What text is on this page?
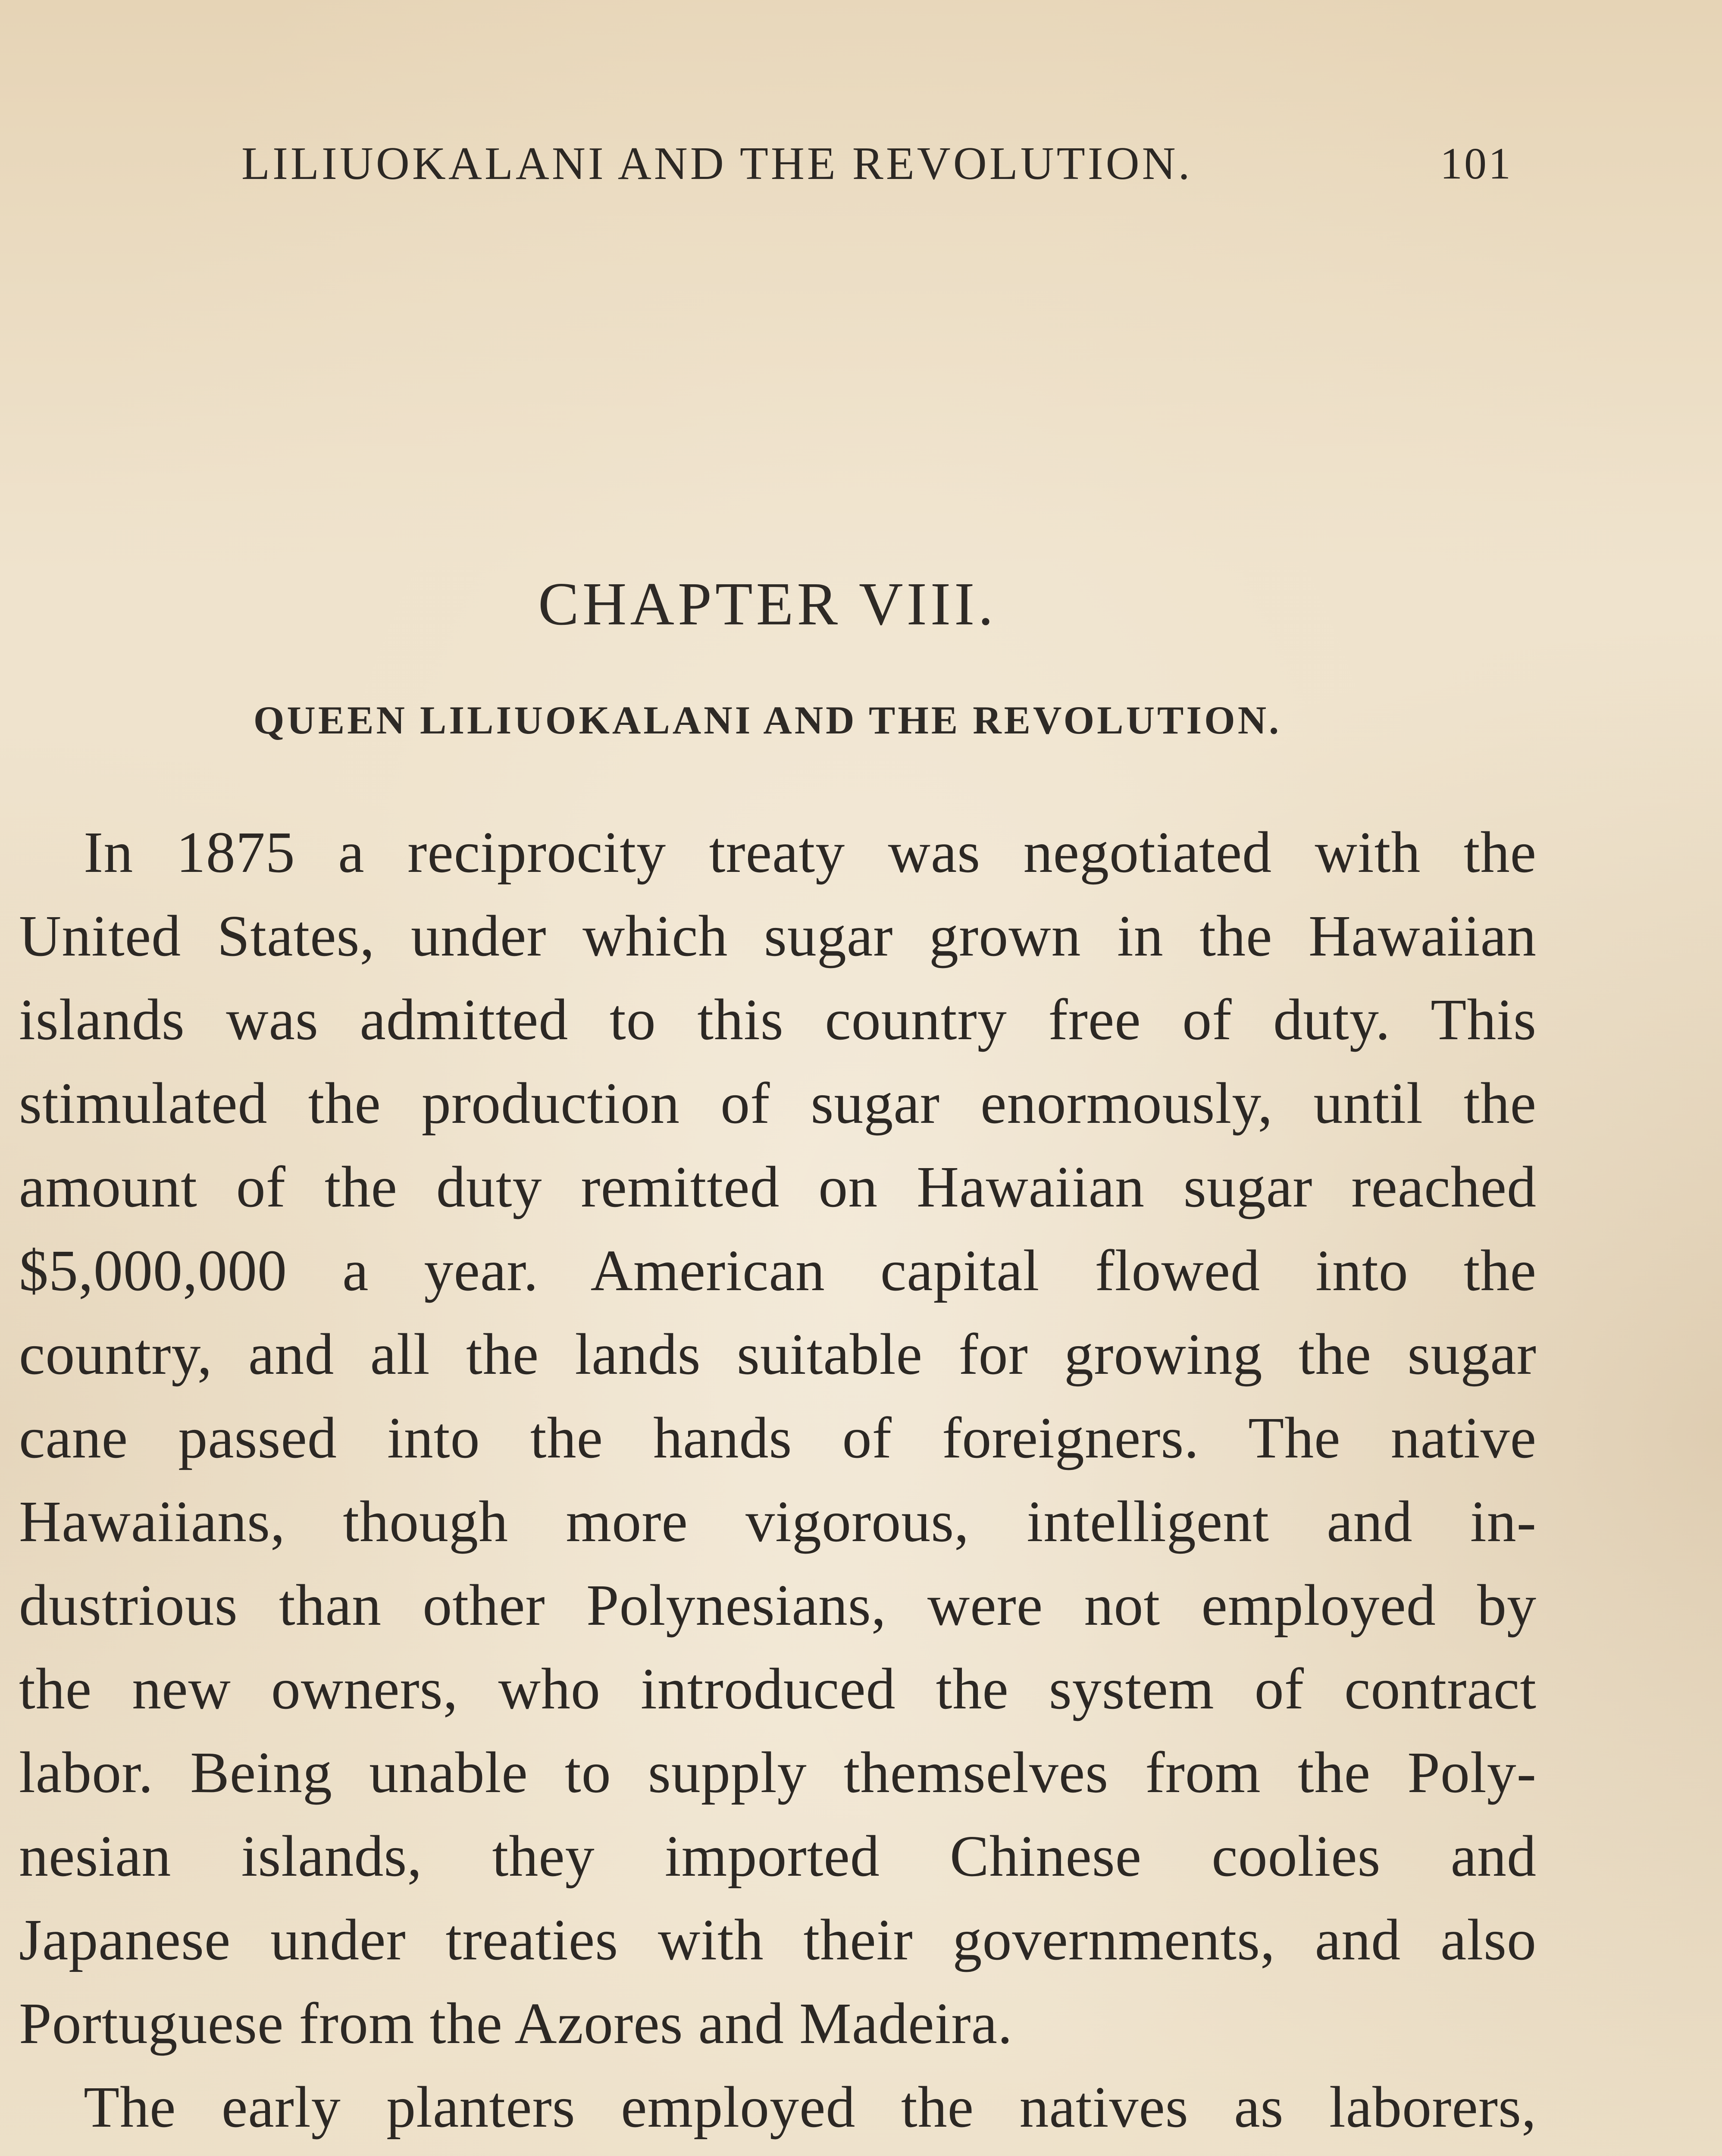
LILIUOKALANI AND THE REVOLUTION.	101
CHAPTER VIII.
QUEEN LILIUOKALANI AND THE REVOLUTION.
In 1875 a reciprocity treaty was negotiated with the
United States, under which sugar grown in the Hawaiian
islands was admitted to this country free of duty. This
stimulated the production of sugar enormously, until the
amount of the duty remitted on Hawaiian sugar reached
$5,000,000 a year. American capital flowed into the
country, and all the lands suitable for growing the sugar
cane passed into the hands of foreigners. The native
Hawaiians, though more vigorous, intelligent and in-
dustrious than other Polynesians, were not employed by
the new owners, who introduced the system of contract
labor. Being unable to supply themselves from the Poly-
nesian islands, they imported Chinese coolies and
Japanese under treaties with their governments, and also
Portuguese from the Azores and Madeira.
The early planters employed the natives as laborers,
